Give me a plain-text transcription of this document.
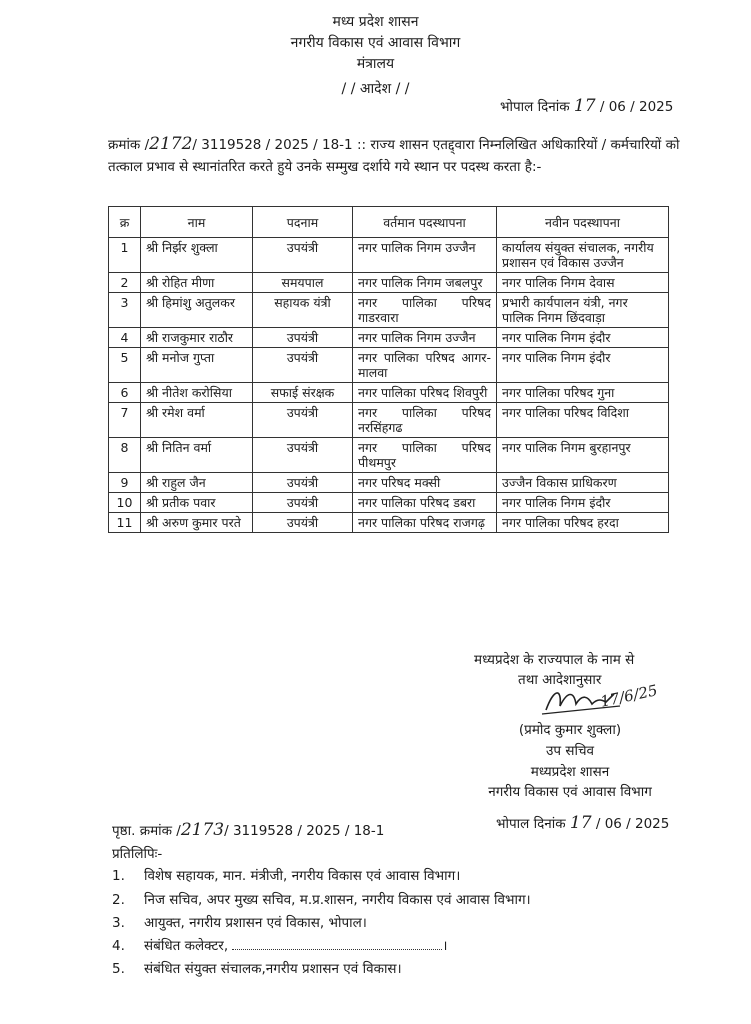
मध्य प्रदेश शासन
नगरीय विकास एवं आवास विभाग
मंत्रालय
/ / आदेश / /
भोपाल दिनांक 17 / 06 / 2025
क्रमांक /2172/ 3119528 / 2025 / 18-1 :: राज्य शासन एतद्द्वारा निम्नलिखित अधिकारियों / कर्मचारियों को तत्काल प्रभाव से स्थानांतरित करते हुये उनके सम्मुख दर्शाये गये स्थान पर पदस्थ करता है:-
क्र	नाम	पदनाम	वर्तमान पदस्थापना	नवीन पदस्थापना
1	श्री निर्झर शुक्ला	उपयंत्री	नगर पालिक निगम उज्जैन	कार्यालय संयुक्त संचालक, नगरीय प्रशासन एवं विकास उज्जैन
2	श्री रोहित मीणा	समयपाल	नगर पालिक निगम जबलपुर	नगर पालिक निगम देवास
3	श्री हिमांशु अतुलकर	सहायक यंत्री	नगर पालिका परिषद गाडरवारा	प्रभारी कार्यपालन यंत्री, नगर पालिक निगम छिंदवाड़ा
4	श्री राजकुमार राठौर	उपयंत्री	नगर पालिक निगम उज्जैन	नगर पालिक निगम इंदौर
5	श्री मनोज गुप्ता	उपयंत्री	नगर पालिका परिषद आगर-मालवा	नगर पालिक निगम इंदौर
6	श्री नीतेश करोसिया	सफाई संरक्षक	नगर पालिका परिषद शिवपुरी	नगर पालिका परिषद गुना
7	श्री रमेश वर्मा	उपयंत्री	नगर पालिका परिषद नरसिंहगढ	नगर पालिका परिषद विदिशा
8	श्री नितिन वर्मा	उपयंत्री	नगर पालिका परिषद पीथमपुर	नगर पालिक निगम बुरहानपुर
9	श्री राहुल जैन	उपयंत्री	नगर परिषद मक्सी	उज्जैन विकास प्राधिकरण
10	श्री प्रतीक पवार	उपयंत्री	नगर पालिका परिषद डबरा	नगर पालिक निगम इंदौर
11	श्री अरुण कुमार परते	उपयंत्री	नगर पालिका परिषद राजगढ़	नगर पालिका परिषद हरदा
मध्यप्रदेश के राज्यपाल के नाम से
तथा आदेशानुसार
17/6/25
(प्रमोद कुमार शुक्ला)
उप सचिव
मध्यप्रदेश शासन
नगरीय विकास एवं आवास विभाग
पृष्ठा. क्रमांक /2173/ 3119528 / 2025 / 18-1	भोपाल दिनांक 17 / 06 / 2025
प्रतिलिपिः-
1. विशेष सहायक, मान. मंत्रीजी, नगरीय विकास एवं आवास विभाग।
2. निज सचिव, अपर मुख्य सचिव, म.प्र.शासन, नगरीय विकास एवं आवास विभाग।
3. आयुक्त, नगरीय प्रशासन एवं विकास, भोपाल।
4. संबंधित कलेक्टर,	।
5. संबंधित संयुक्त संचालक,नगरीय प्रशासन एवं विकास।
